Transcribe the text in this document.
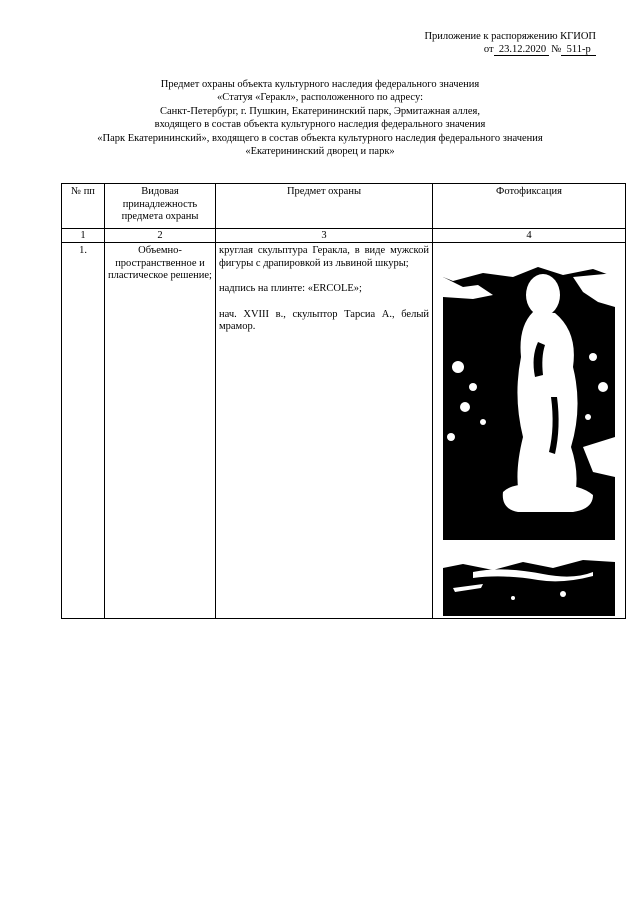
Приложение к распоряжению КГИОП
от 23.12.2020 № 511-р
Предмет охраны объекта культурного наследия федерального значения
«Статуя «Геракл», расположенного по адресу:
Санкт-Петербург, г. Пушкин, Екатерининский парк, Эрмитажная аллея,
входящего в состав объекта культурного наследия федерального значения
«Парк Екатерининский», входящего в состав объекта культурного наследия федерального значения
«Екатерининский дворец и парк»
№ пп	Видовая принадлежность предмета охраны	Предмет охраны	Фотофиксация
1	2	3	4
1.	Объемно-пространственное и пластическое решение;	круглая скульптура Геракла, в виде мужской фигуры с драпировкой из львиной шкуры;

надпись на плинте: «ERCOLE»;

нач. XVIII в., скульптор Тарсиа А., белый мрамор.
